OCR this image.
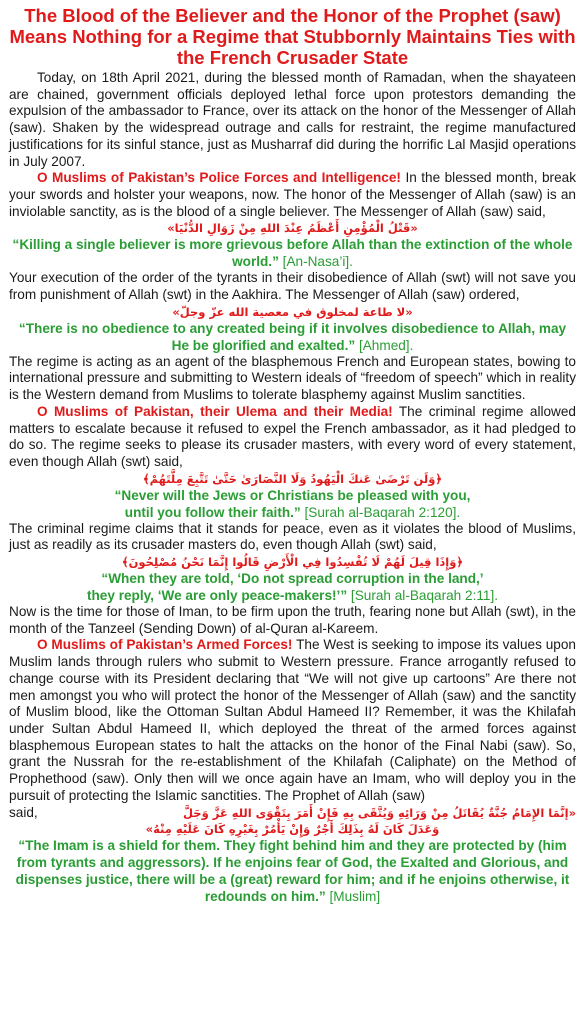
The Blood of the Believer and the Honor of the Prophet (saw) Means Nothing for a Regime that Stubbornly Maintains Ties with the French Crusader State

Today, on 18th April 2021, during the blessed month of Ramadan, when the shayateen are chained, government officials deployed lethal force upon protestors demanding the expulsion of the ambassador to France, over its attack on the honor of the Messenger of Allah (saw). Shaken by the widespread outrage and calls for restraint, the regime manufactured justifications for its sinful stance, just as Musharraf did during the horrific Lal Masjid operations in July 2007.

O Muslims of Pakistan’s Police Forces and Intelligence! In the blessed month, break your swords and holster your weapons, now. The honor of the Messenger of Allah (saw) is an inviolable sanctity, as is the blood of a single believer. The Messenger of Allah (saw) said,

«قَتْلُ الْمُؤْمِنِ أَعْظَمُ عِنْدَ اللهِ مِنْ زَوَالِ الدُّنْيَا»

“Killing a single believer is more grievous before Allah than the extinction of the whole world.” [An-Nasa’i].

Your execution of the order of the tyrants in their disobedience of Allah (swt) will not save you from punishment of Allah (swt) in the Aakhira. The Messenger of Allah (saw) ordered,

«لا طاعة لمخلوق في معصية الله عزّ وجلّ»

“There is no obedience to any created being if it involves disobedience to Allah, may He be glorified and exalted.” [Ahmed].

The regime is acting as an agent of the blasphemous French and European states, bowing to international pressure and submitting to Western ideals of “freedom of speech” which in reality is the Western demand from Muslims to tolerate blasphemy against Muslim sanctities.

O Muslims of Pakistan, their Ulema and their Media! The criminal regime allowed matters to escalate because it refused to expel the French ambassador, as it had pledged to do so. The regime seeks to please its crusader masters, with every word of every statement, even though Allah (swt) said,

﴿وَلَن تَرْضَىٰ عَنكَ الْيَهُودُ وَلَا النَّصَارَىٰ حَتَّىٰ تَتَّبِعَ مِلَّتَهُمْ﴾

“Never will the Jews or Christians be pleased with you,
until you follow their faith.” [Surah al-Baqarah 2:120].

The criminal regime claims that it stands for peace, even as it violates the blood of Muslims, just as readily as its crusader masters do, even though Allah (swt) said,

﴿وَإِذَا قِيلَ لَهُمْ لَا تُفْسِدُوا فِي الْأَرْضِ قَالُوا إِنَّمَا نَحْنُ مُصْلِحُونَ﴾

“When they are told, ‘Do not spread corruption in the land,’
they reply, ‘We are only peace-makers!’” [Surah al-Baqarah 2:11].

Now is the time for those of Iman, to be firm upon the truth, fearing none but Allah (swt), in the month of the Tanzeel (Sending Down) of al-Quran al-Kareem.

O Muslims of Pakistan’s Armed Forces! The West is seeking to impose its values upon Muslim lands through rulers who submit to Western pressure. France arrogantly refused to change course with its President declaring that “We will not give up cartoons” Are there not men amongst you who will protect the honor of the Messenger of Allah (saw) and the sanctity of Muslim blood, like the Ottoman Sultan Abdul Hameed II? Remember, it was the Khilafah under Sultan Abdul Hameed II, which deployed the threat of the armed forces against blasphemous European states to halt the attacks on the honor of the Final Nabi (saw). So, grant the Nussrah for the re-establishment of the Khilafah (Caliphate) on the Method of Prophethood (saw). Only then will we once again have an Imam, who will deploy you in the pursuit of protecting the Islamic sanctities. The Prophet of Allah (saw)

said,	«إنَّمَا الإِمَامُ جُنَّةٌ يُقَاتَلُ مِنْ وَرَائِهِ وَيُتَّقَى بِهِ فَإِنْ أَمَرَ بِتَقْوَى اللهِ عَزَّ وَجَلَّ

وَعَدَلَ كَانَ لَهُ بِذَلِكَ أَجْرٌ وَإِنْ يَأْمُرْ بِغَيْرِهِ كَانَ عَلَيْهِ مِنْهُ»

“The Imam is a shield for them. They fight behind him and they are protected by (him from tyrants and aggressors). If he enjoins fear of God, the Exalted and Glorious, and dispenses justice, there will be a (great) reward for him; and if he enjoins otherwise, it redounds on him.” [Muslim]
